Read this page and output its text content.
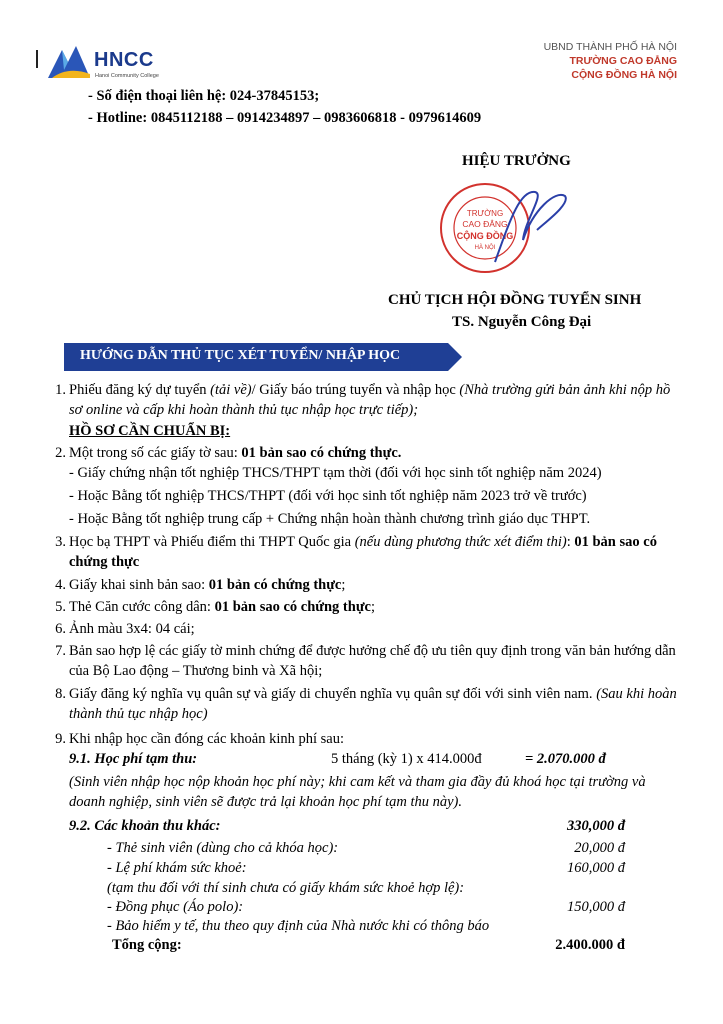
HNCC
Hanoi Community College
UBND THÀNH PHỐ HÀ NỘI
TRƯỜNG CAO ĐẲNG
CỘNG ĐỒNG HÀ NỘI
- Số điện thoại liên hệ: 024-37845153;
- Hotline: 0845112188 – 0914234897 – 0983606818 - 0979614609
HIỆU TRƯỞNG
TRƯỜNG
CAO ĐẲNG
CỘNG ĐỒNG
HÀ NỘI
CHỦ TỊCH HỘI ĐỒNG TUYỂN SINH
TS. Nguyễn Công Đại
HƯỚNG DẪN THỦ TỤC XÉT TUYỂN/ NHẬP HỌC
1. Phiếu đăng ký dự tuyển (tải về)/ Giấy báo trúng tuyển và nhập học (Nhà trường gửi bản ảnh khi nộp hồ sơ online và cấp khi hoàn thành thủ tục nhập học trực tiếp);
HỒ SƠ CẦN CHUẨN BỊ:
2. Một trong số các giấy tờ sau: 01 bản sao có chứng thực.
- Giấy chứng nhận tốt nghiệp THCS/THPT tạm thời (đối với học sinh tốt nghiệp năm 2024)
- Hoặc Bằng tốt nghiệp THCS/THPT (đối với học sinh tốt nghiệp năm 2023 trở về trước)
- Hoặc Bằng tốt nghiệp trung cấp + Chứng nhận hoàn thành chương trình giáo dục THPT.
3. Học bạ THPT và Phiếu điểm thi THPT Quốc gia (nếu dùng phương thức xét điểm thi): 01 bản sao có chứng thực
4. Giấy khai sinh bản sao: 01 bản có chứng thực;
5. Thẻ Căn cước công dân: 01 bản sao có chứng thực;
6. Ảnh màu 3x4: 04 cái;
7. Bản sao hợp lệ các giấy tờ minh chứng để được hưởng chế độ ưu tiên quy định trong văn bản hướng dẫn của Bộ Lao động – Thương binh và Xã hội;
8. Giấy đăng ký nghĩa vụ quân sự và giấy di chuyển nghĩa vụ quân sự đối với sinh viên nam. (Sau khi hoàn thành thủ tục nhập học)
9. Khi nhập học cần đóng các khoản kinh phí sau:
9.1. Học phí tạm thu:	5 tháng (kỳ 1) x 414.000đ	= 2.070.000 đ
(Sinh viên nhập học nộp khoản học phí này; khi cam kết và tham gia đầy đủ khoá học tại trường và doanh nghiệp, sinh viên sẽ được trả lại khoản học phí tạm thu này).
9.2. Các khoản thu khác:	330,000 đ
- Thẻ sinh viên (dùng cho cả khóa học):	20,000 đ
- Lệ phí khám sức khoẻ:	160,000 đ
(tạm thu đối với thí sinh chưa có giấy khám sức khoẻ hợp lệ):
- Đồng phục (Áo polo):	150,000 đ
- Bảo hiểm y tế, thu theo quy định của Nhà nước khi có thông báo
Tổng cộng:	2.400.000 đ
